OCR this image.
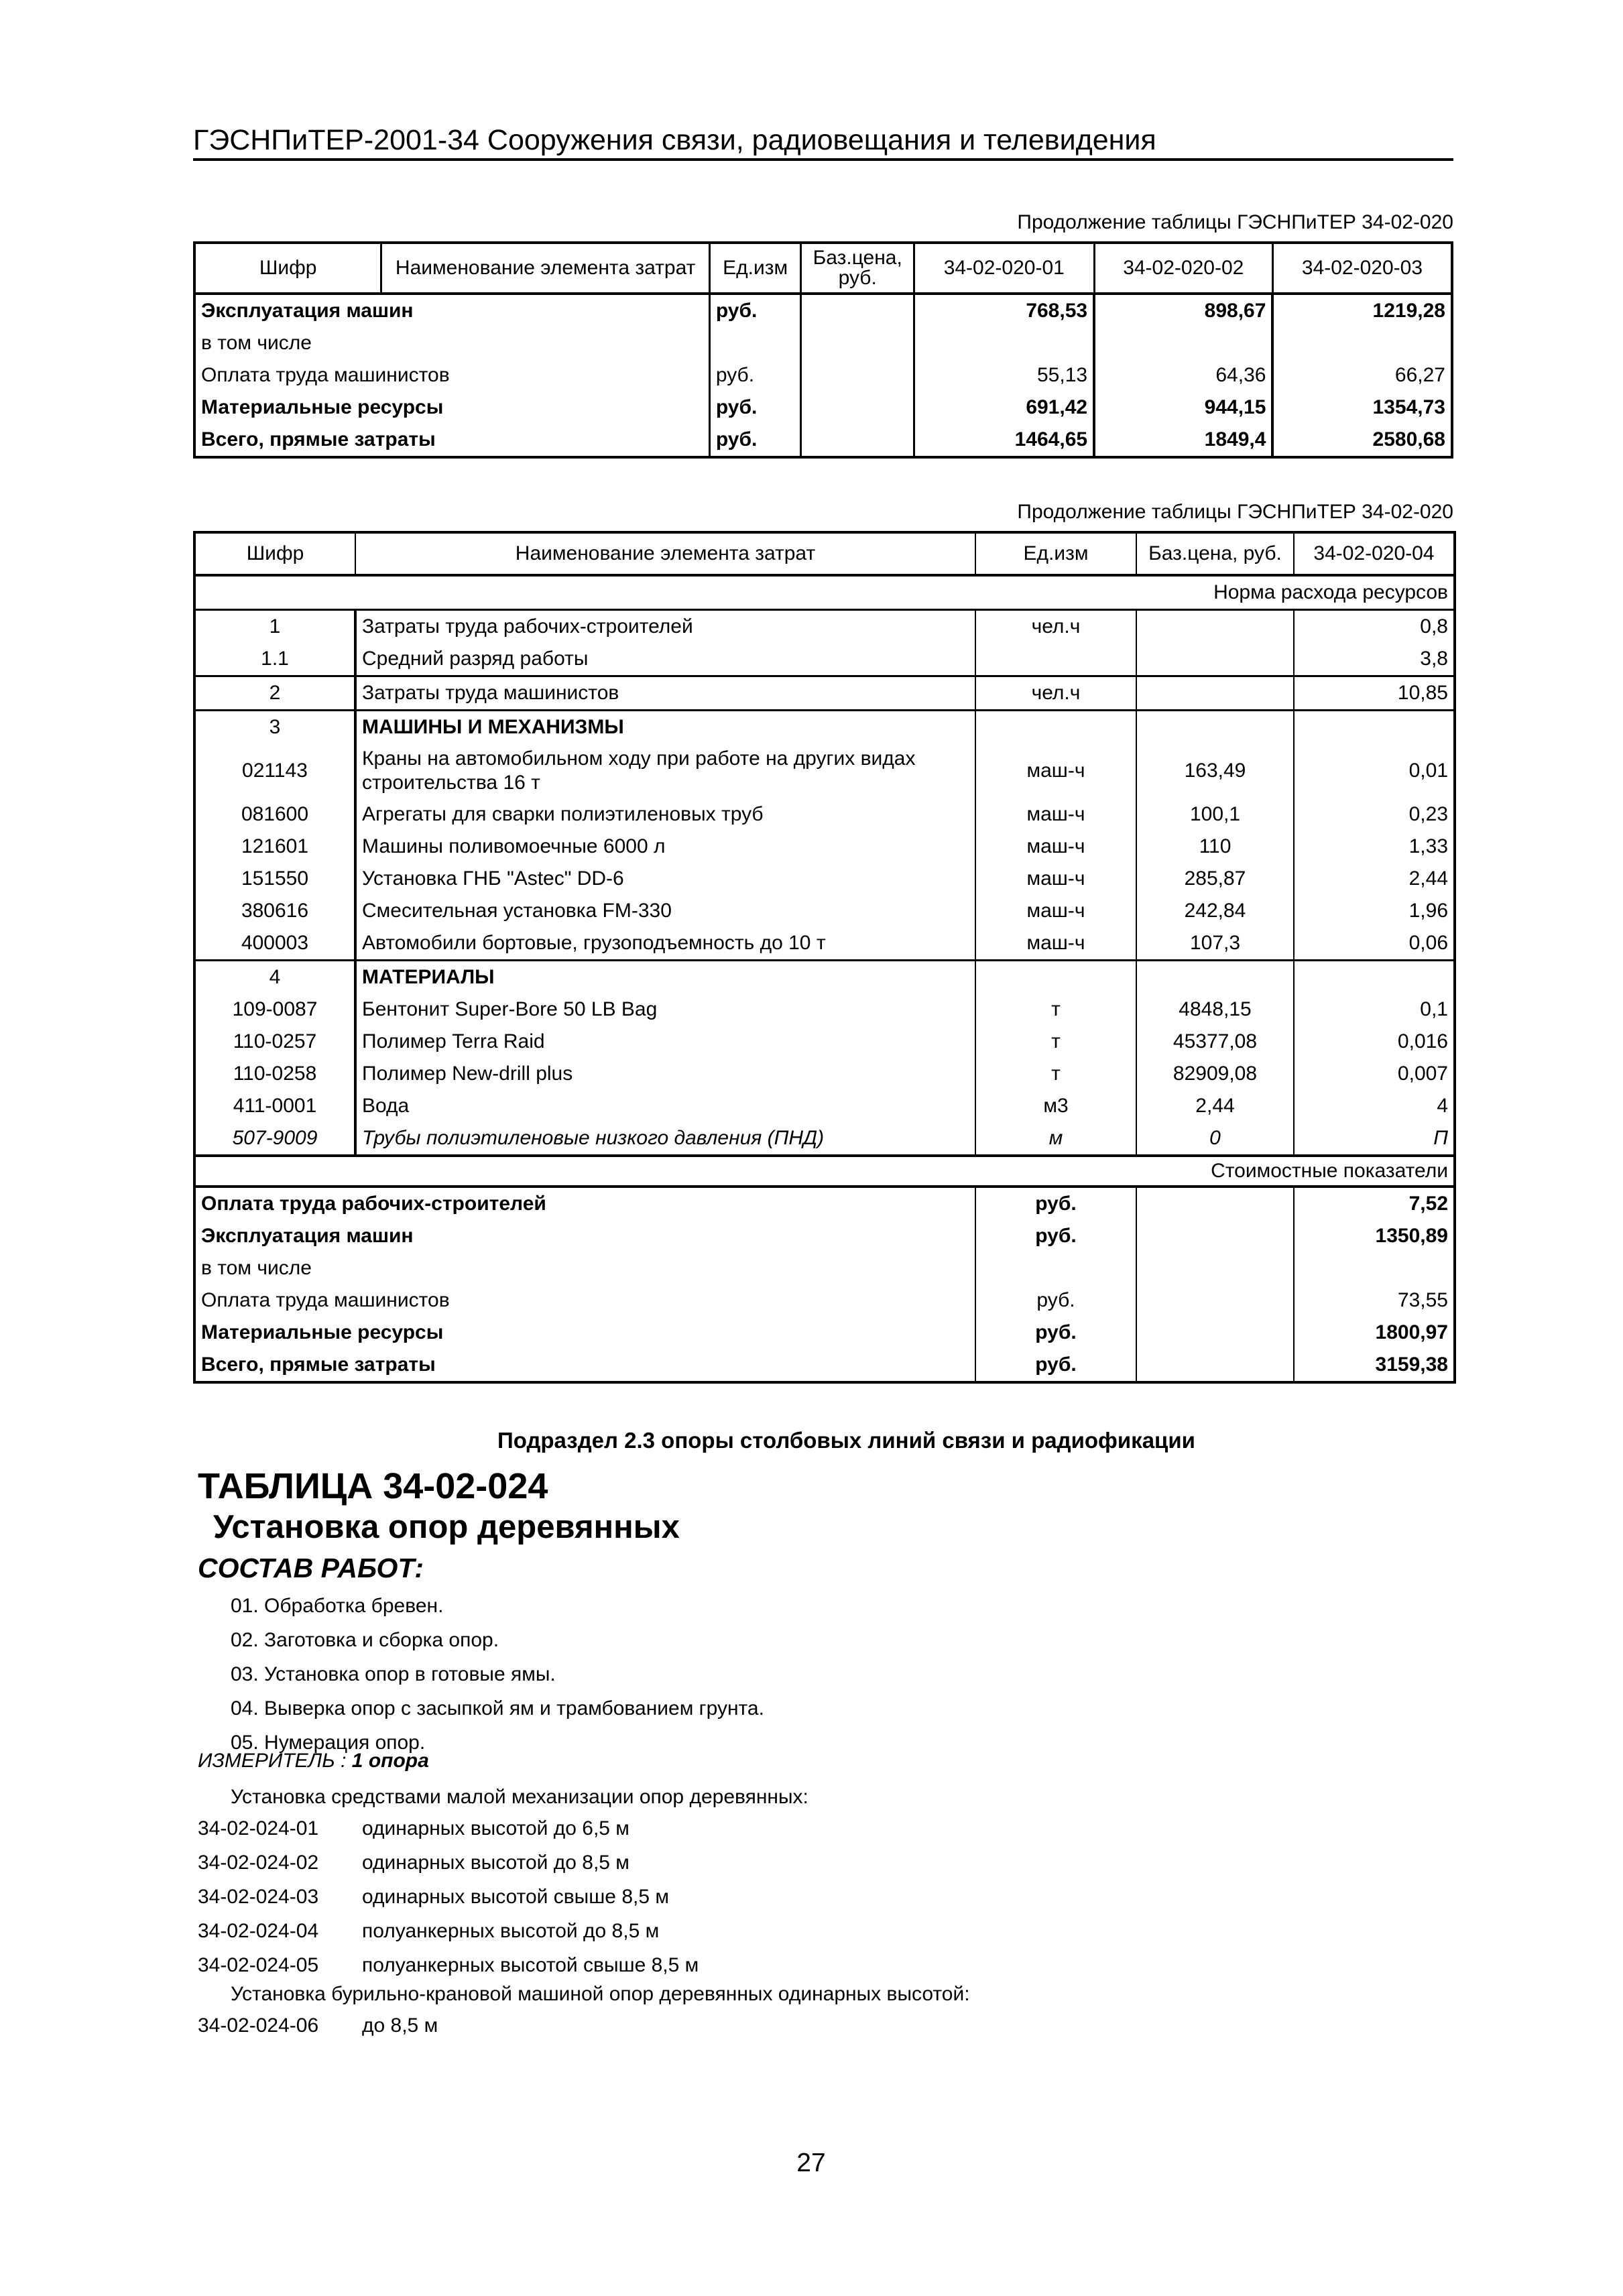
ГЭСНПиТЕР-2001-34 Сооружения связи, радиовещания и телевидения
Продолжение таблицы ГЭСНПиТЕР 34-02-020
Шифр	Наименование элемента затрат	Ед.изм	Баз.цена, руб.	34-02-020-01	34-02-020-02	34-02-020-03
Эксплуатация машин		руб.		768,53	898,67	1219,28
в том числе						
Оплата труда машинистов		руб.		55,13	64,36	66,27
Материальные ресурсы		руб.		691,42	944,15	1354,73
Всего, прямые затраты		руб.		1464,65	1849,4	2580,68
Продолжение таблицы ГЭСНПиТЕР 34-02-020
Шифр	Наименование элемента затрат	Ед.изм	Баз.цена, руб.	34-02-020-04
Норма расхода ресурсов				
1	Затраты труда рабочих-строителей	чел.ч		0,8
1.1	Средний разряд работы			3,8
2	Затраты труда машинистов	чел.ч		10,85
3	МАШИНЫ И МЕХАНИЗМЫ			
021143	Краны на автомобильном ходу при работе на других видах строительства 16 т	маш-ч	163,49	0,01
081600	Агрегаты для сварки полиэтиленовых труб	маш-ч	100,1	0,23
121601	Машины поливомоечные 6000 л	маш-ч	110	1,33
151550	Установка ГНБ "Astec" DD-6	маш-ч	285,87	2,44
380616	Смесительная установка FM-330	маш-ч	242,84	1,96
400003	Автомобили бортовые, грузоподъемность до 10 т	маш-ч	107,3	0,06
4	МАТЕРИАЛЫ			
109-0087	Бентонит Super-Bore 50 LB Bag	т	4848,15	0,1
110-0257	Полимер Terra Raid	т	45377,08	0,016
110-0258	Полимер New-drill plus	т	82909,08	0,007
411-0001	Вода	м3	2,44	4
507-9009	Трубы полиэтиленовые низкого давления (ПНД)	м	0	П
Стоимостные показатели				
Оплата труда рабочих-строителей		руб.		7,52
Эксплуатация машин		руб.		1350,89
в том числе				
Оплата труда машинистов		руб.		73,55
Материальные ресурсы		руб.		1800,97
Всего, прямые затраты		руб.		3159,38
Подраздел 2.3 опоры столбовых линий связи и радиофикации
ТАБЛИЦА 34-02-024
Установка опор деревянных
СОСТАВ РАБОТ:
01. Обработка бревен.
02. Заготовка и сборка опор.
03. Установка опор в готовые ямы.
04. Выверка опор с засыпкой ям и трамбованием грунта.
05. Нумерация опор.
ИЗМЕРИТЕЛЬ : 1 опора
Установка средствами малой механизации опор деревянных:
34-02-024-01 одинарных высотой до 6,5 м
34-02-024-02 одинарных высотой до 8,5 м
34-02-024-03 одинарных высотой свыше 8,5 м
34-02-024-04 полуанкерных высотой до 8,5 м
34-02-024-05 полуанкерных высотой свыше 8,5 м
Установка бурильно-крановой машиной опор деревянных одинарных высотой:
34-02-024-06 до 8,5 м
27
